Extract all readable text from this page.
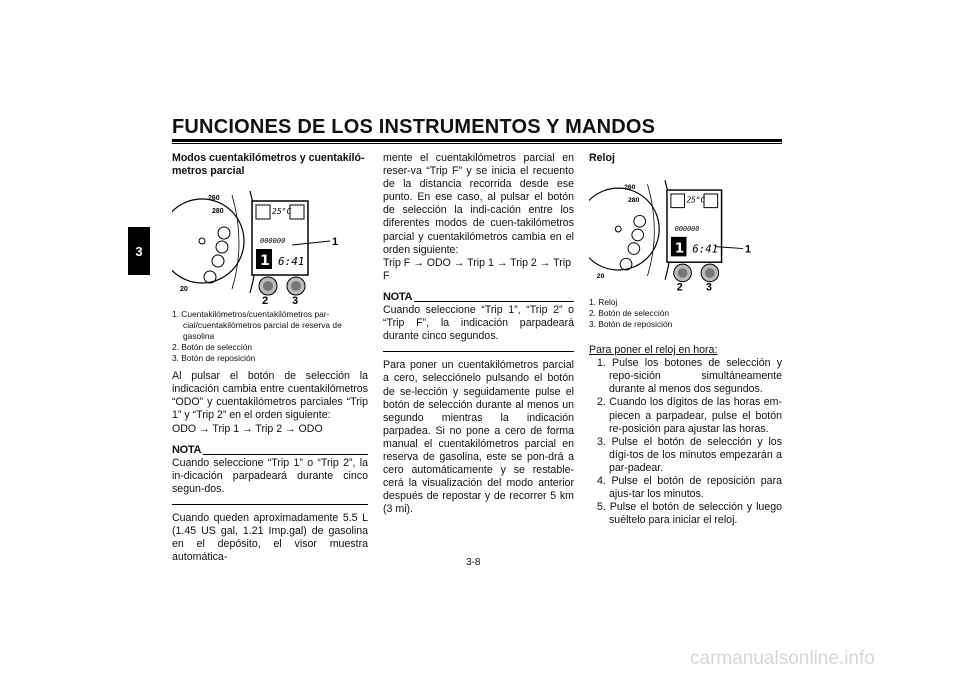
FUNCIONES DE LOS INSTRUMENTOS Y MANDOS
3

Modos cuentakilómetros y cuentakiló-metros parcial

260
280
20
25°C
000000
1 6:41
1
2 3
1. Cuentakilómetros/cuentakilómetros par-cial/cuentakilómetros parcial de reserva de gasolina
2. Botón de selección
3. Botón de reposición

Al pulsar el botón de selección la indicación cambia entre cuentakilómetros “ODO” y cuentakilómetros parciales “Trip 1” y “Trip 2” en el orden siguiente:

ODO → Trip 1 → Trip 2 → ODO

NOTA

Cuando seleccione “Trip 1” o “Trip 2”, la in-dicación parpadeará durante cinco segun-dos.

Cuando queden aproximadamente 5.5 L (1.45 US gal, 1.21 Imp.gal) de gasolina en el depósito, el visor muestra automática-

mente el cuentakilómetros parcial en reser-va “Trip F” y se inicia el recuento de la distancia recorrida desde ese punto. En ese caso, al pulsar el botón de selección la indi-cación entre los diferentes modos de cuen-takilómetros parcial y cuentakilómetros cambia en el orden siguiente:

Trip F → ODO → Trip 1 → Trip 2 → Trip F

NOTA

Cuando seleccione “Trip 1”, “Trip 2” o “Trip F”, la indicación parpadeará durante cinco segundos.

Para poner un cuentakilómetros parcial a cero, selecciónelo pulsando el botón de se-lección y seguidamente pulse el botón de selección durante al menos un segundo mientras la indicación parpadea. Si no pone a cero de forma manual el cuentakilómetros parcial en reserva de gasolina, este se pon-drá a cero automáticamente y se restable-cerá la visualización del modo anterior después de repostar y de recorrer 5 km (3 mi).

Reloj

260
280
20
25°C
000000
1 6:41 1
2 3
1. Reloj
2. Botón de selección
3. Botón de reposición

Para poner el reloj en hora:

1. Pulse los botones de selección y repo-sición simultáneamente durante al menos dos segundos.
2. Cuando los dígitos de las horas em-piecen a parpadear, pulse el botón re-posición para ajustar las horas.
3. Pulse el botón de selección y los dígi-tos de los minutos empezarán a par-padear.
4. Pulse el botón de reposición para ajus-tar los minutos.
5. Pulse el botón de selección y luego suéltelo para iniciar el reloj.
3-8
carmanualsonline.info
